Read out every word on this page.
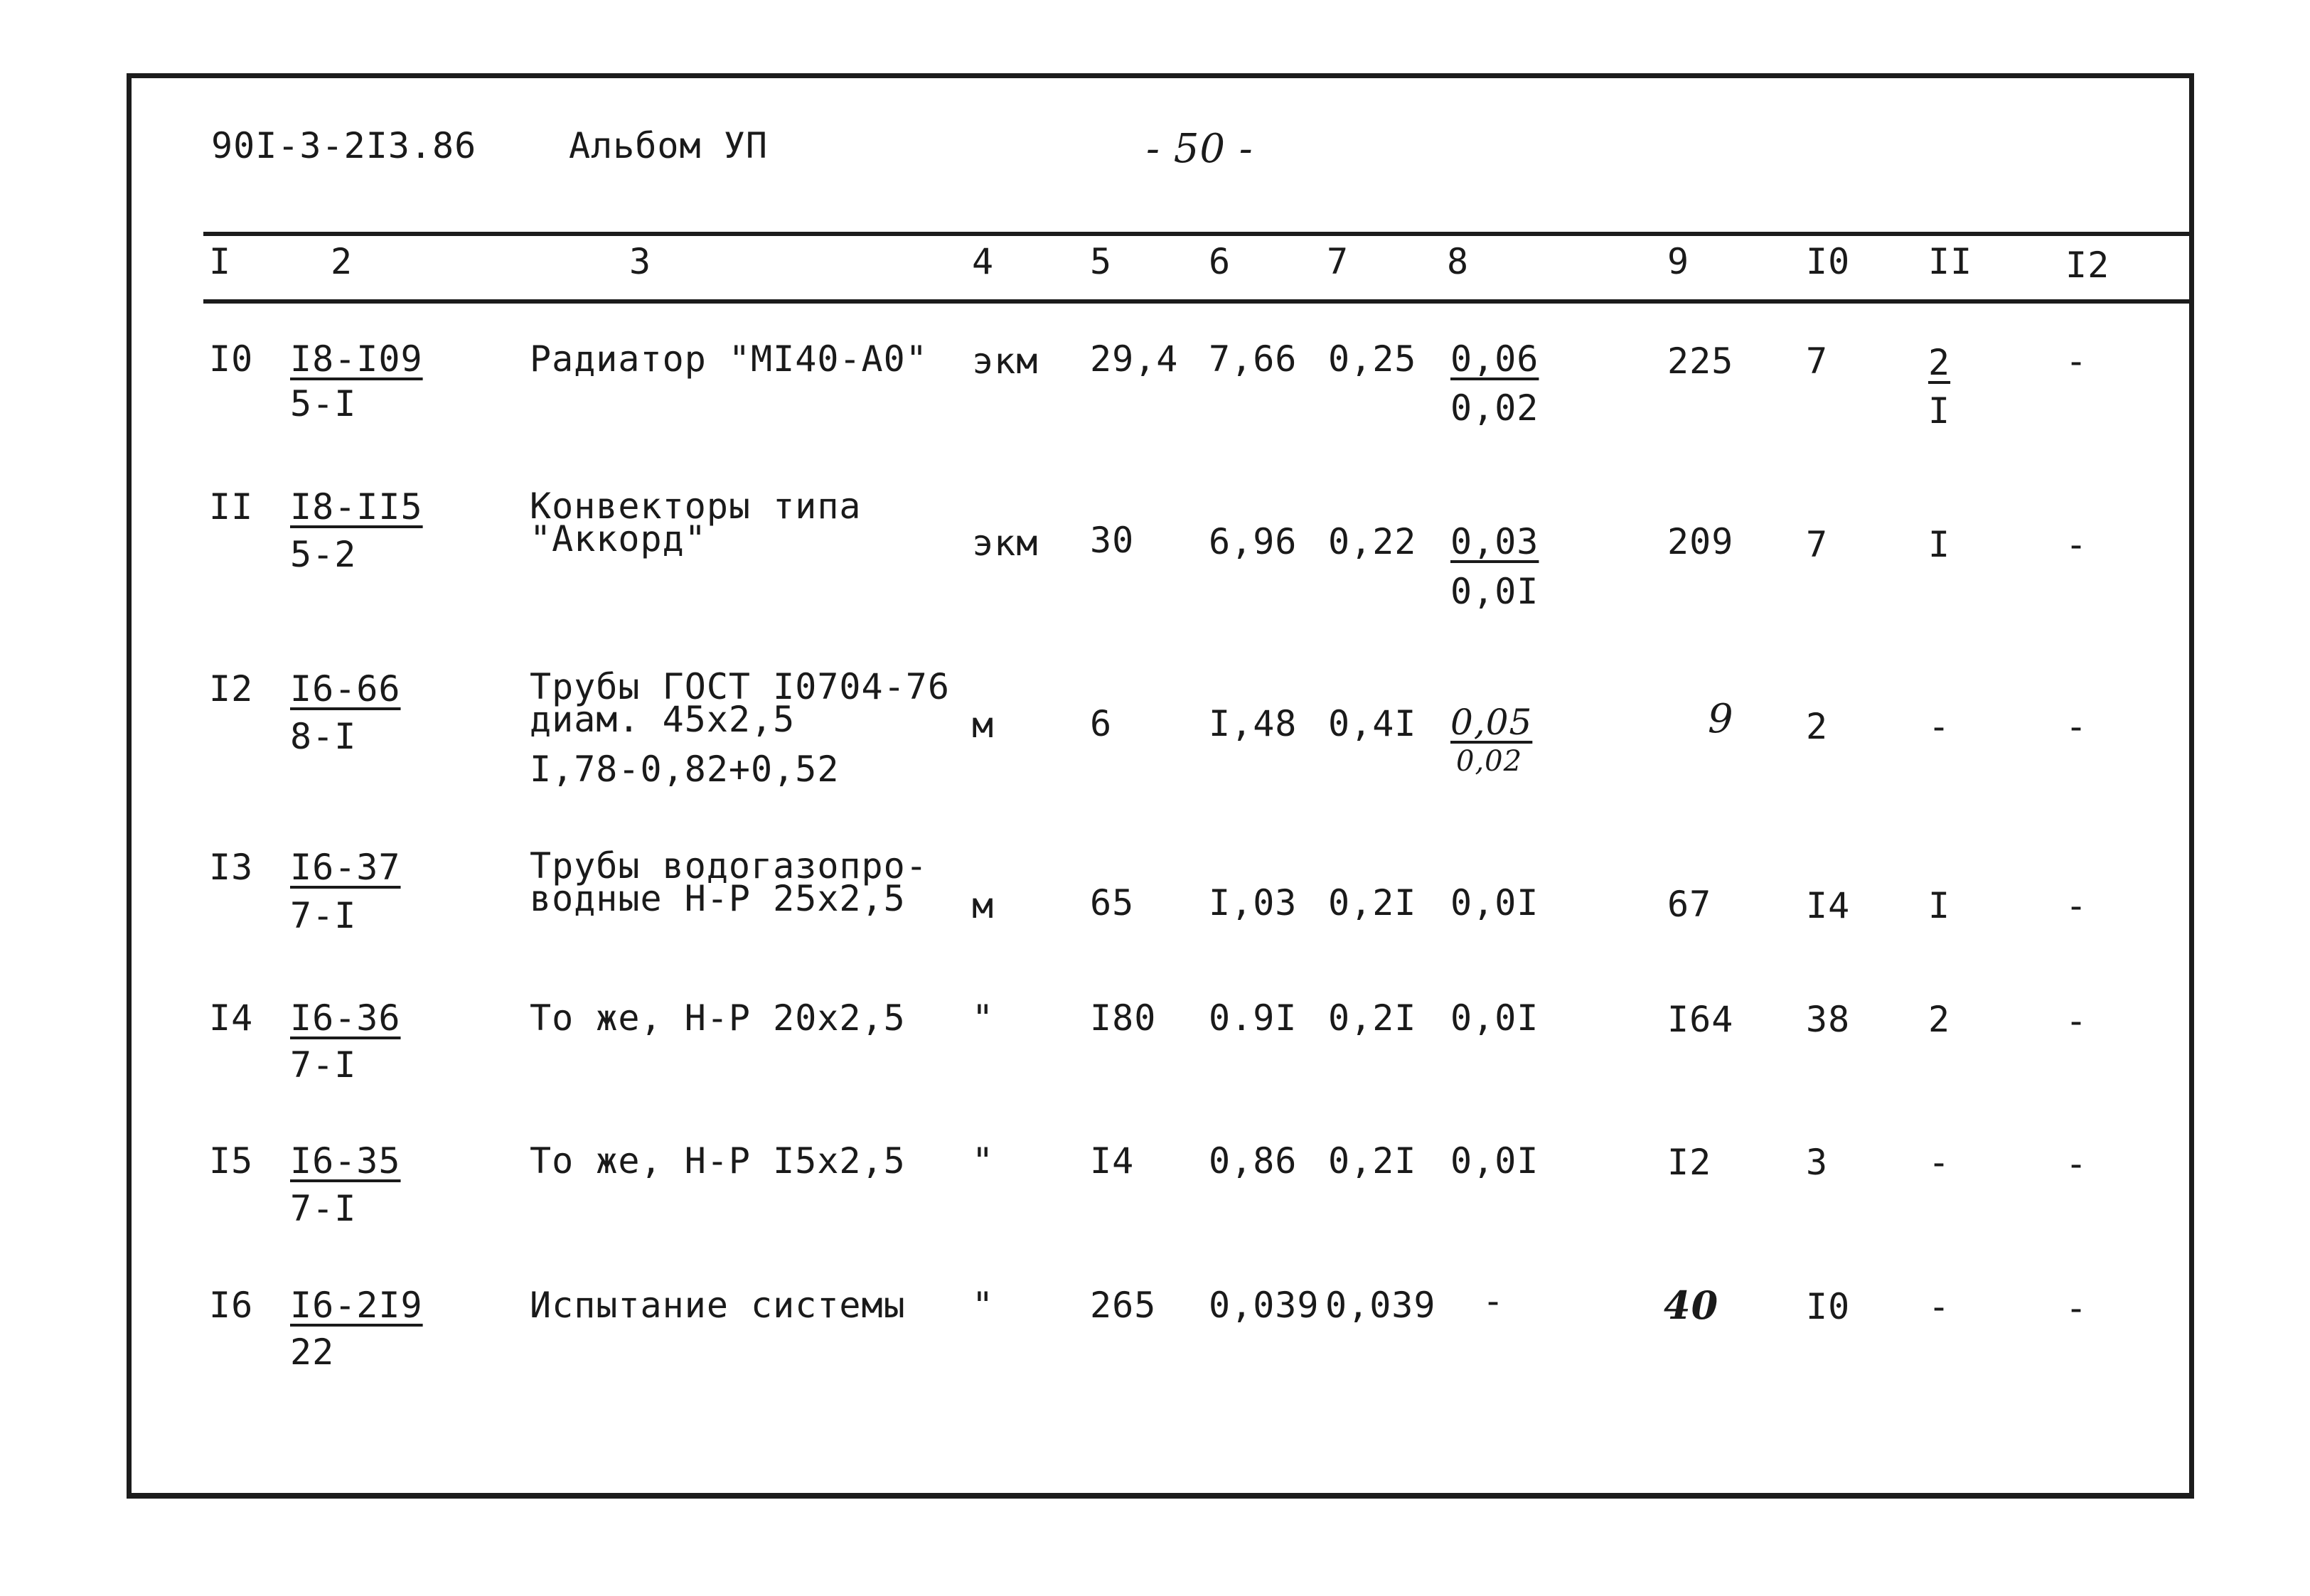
90I-3-2I3.86	Альбом УП	- 50 -
I	2	3	4	5	6	7	8	9	I0 II	I2
I0 I8-I09
5-I
Радиатор "MI40-A0" экм 29,4 7,66 0,25 0,06
0,02
225 7	2
I
-
II I8-II5
5-2
Конвекторы типа
"Аккорд"	экм 30 6,96 0,22 0,03
0,0I
209 7	I	-
I2 I6-66
8-I
Трубы ГОСТ I0704-76
диам. 45х2,5
I,78-0,82+0,52
м	6	I,48 0,4I 0,05
0,02
9 2	-	-
I3 I6-37
7-I
Трубы водогазопро-
водные Н-Р 25х2,5 м	65 I,03 0,2I 0,0I	67	I4 I	-
I4 I6-36
7-I
То же, Н-Р 20х2,5 "	I80 0.9I 0,2I 0,0I	I64 38 2	-
I5 I6-35
7-I
То же, Н-Р I5х2,5 "	I4 0,86 0,2I 0,0I	I2	3	-	-
I6 I6-2I9
22
Испытание системы "	265 0,039 0,039 -	40 I0 -	-
